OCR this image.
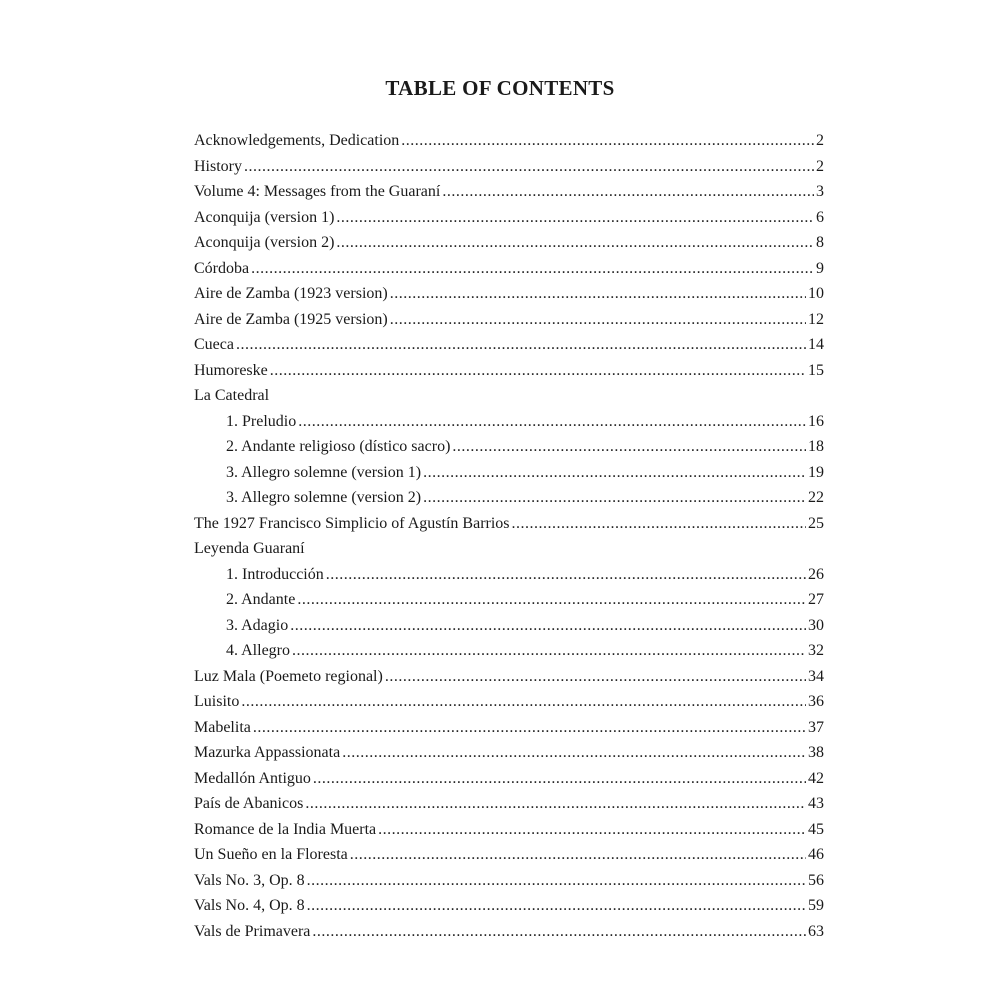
TABLE OF CONTENTS
Acknowledgements, Dedication .....	2
History .....	2
Volume 4: Messages from the Guaraní .....	3
Aconquija (version 1) .....	6
Aconquija (version 2) .....	8
Córdoba .....	9
Aire de Zamba (1923 version) .....	10
Aire de Zamba (1925 version) .....	12
Cueca .....	14
Humoreske .....	15
La Catedral
1. Preludio .....	16
2. Andante religioso (dístico sacro) .....	18
3. Allegro solemne (version 1) .....	19
3. Allegro solemne (version 2) .....	22
The 1927 Francisco Simplicio of Agustín Barrios .....	25
Leyenda Guaraní
1. Introducción .....	26
2. Andante .....	27
3. Adagio .....	30
4. Allegro .....	32
Luz Mala (Poemeto regional) .....	34
Luisito .....	36
Mabelita .....	37
Mazurka Appassionata .....	38
Medallón Antiguo .....	42
País de Abanicos .....	43
Romance de la India Muerta .....	45
Un Sueño en la Floresta .....	46
Vals No. 3, Op. 8 .....	56
Vals No. 4, Op. 8 .....	59
Vals de Primavera .....	63
